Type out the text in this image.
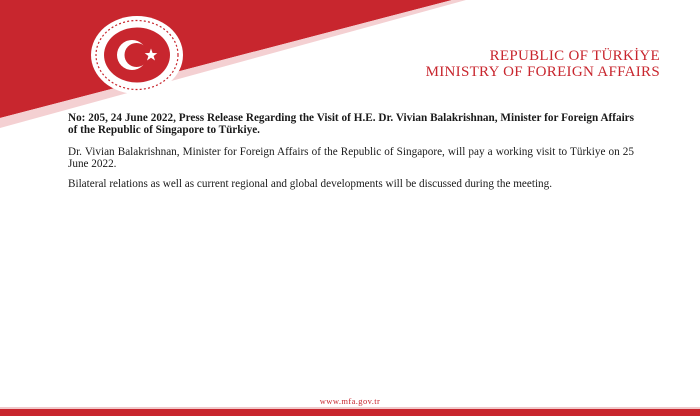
REPUBLIC OF TÜRKİYE
MINISTRY OF FOREIGN AFFAIRS

No: 205, 24 June 2022, Press Release Regarding the Visit of H.E. Dr. Vivian Balakrishnan, Minister for Foreign Affairs of the Republic of Singapore to Türkiye.

Dr. Vivian Balakrishnan, Minister for Foreign Affairs of the Republic of Singapore, will pay a working visit to Türkiye on 25 June 2022.

Bilateral relations as well as current regional and global developments will be discussed during the meeting.

www.mfa.gov.tr
